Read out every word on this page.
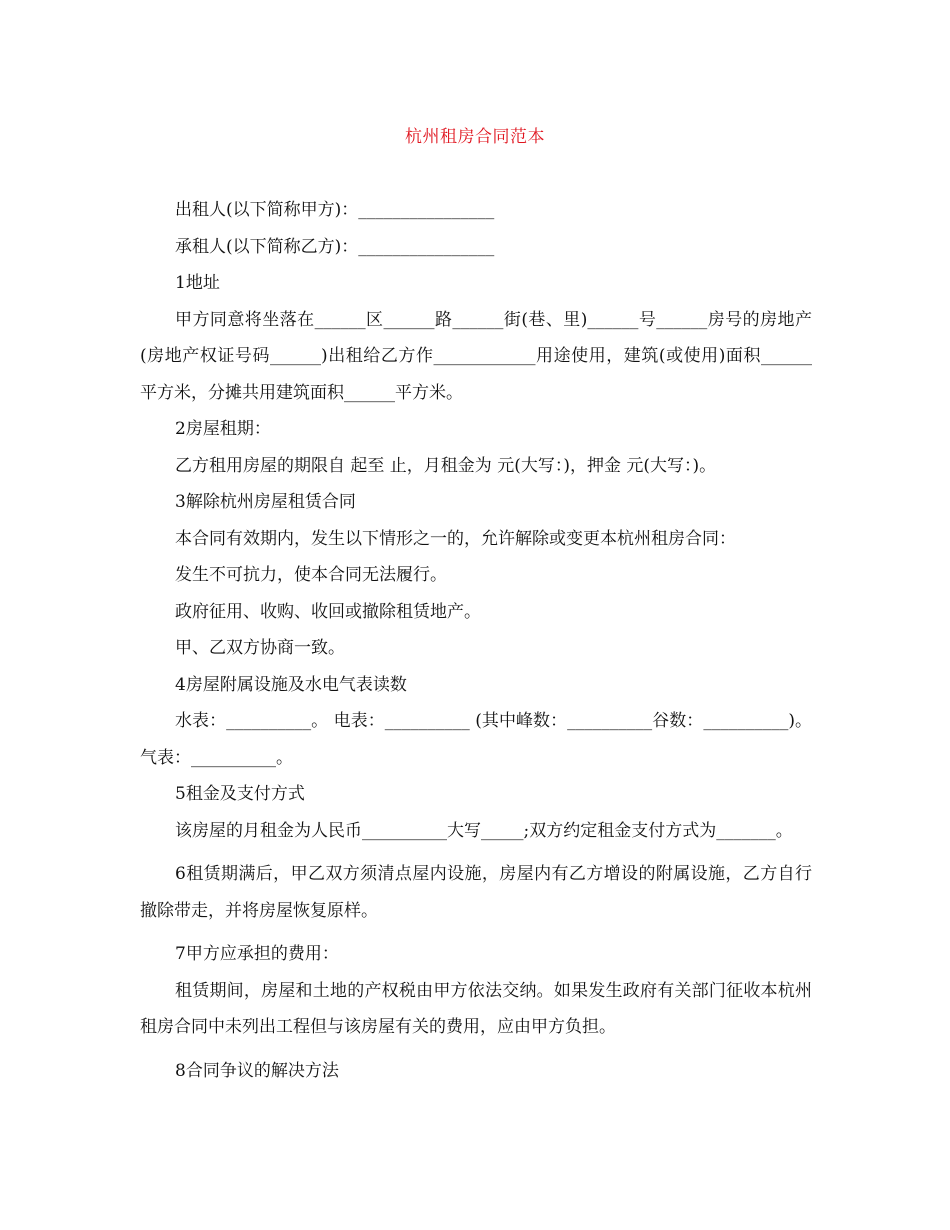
杭州租房合同范本

出租人(以下简称甲方)：________________

承租人(以下简称乙方)：________________

1地址

甲方同意将坐落在______区______路______街(巷、里)______号______房号的房地产(房地产权证号码______)出租给乙方作____________用途使用，建筑(或使用)面积______平方米，分摊共用建筑面积______平方米。

2房屋租期：

乙方租用房屋的期限自 起至 止，月租金为 元(大写：)，押金 元(大写：)。

3解除杭州房屋租赁合同

本合同有效期内，发生以下情形之一的，允许解除或变更本杭州租房合同：

发生不可抗力，使本合同无法履行。

政府征用、收购、收回或撤除租赁地产。

甲、乙双方协商一致。

4房屋附属设施及水电气表读数

水表：__________。 电表：__________ (其中峰数：__________谷数：__________)。气表：__________。

5租金及支付方式

该房屋的月租金为人民币__________大写_____;双方约定租金支付方式为_______。

6租赁期满后，甲乙双方须清点屋内设施，房屋内有乙方增设的附属设施，乙方自行撤除带走，并将房屋恢复原样。

7甲方应承担的费用：

租赁期间，房屋和土地的产权税由甲方依法交纳。如果发生政府有关部门征收本杭州租房合同中未列出工程但与该房屋有关的费用，应由甲方负担。

8合同争议的解决方法
